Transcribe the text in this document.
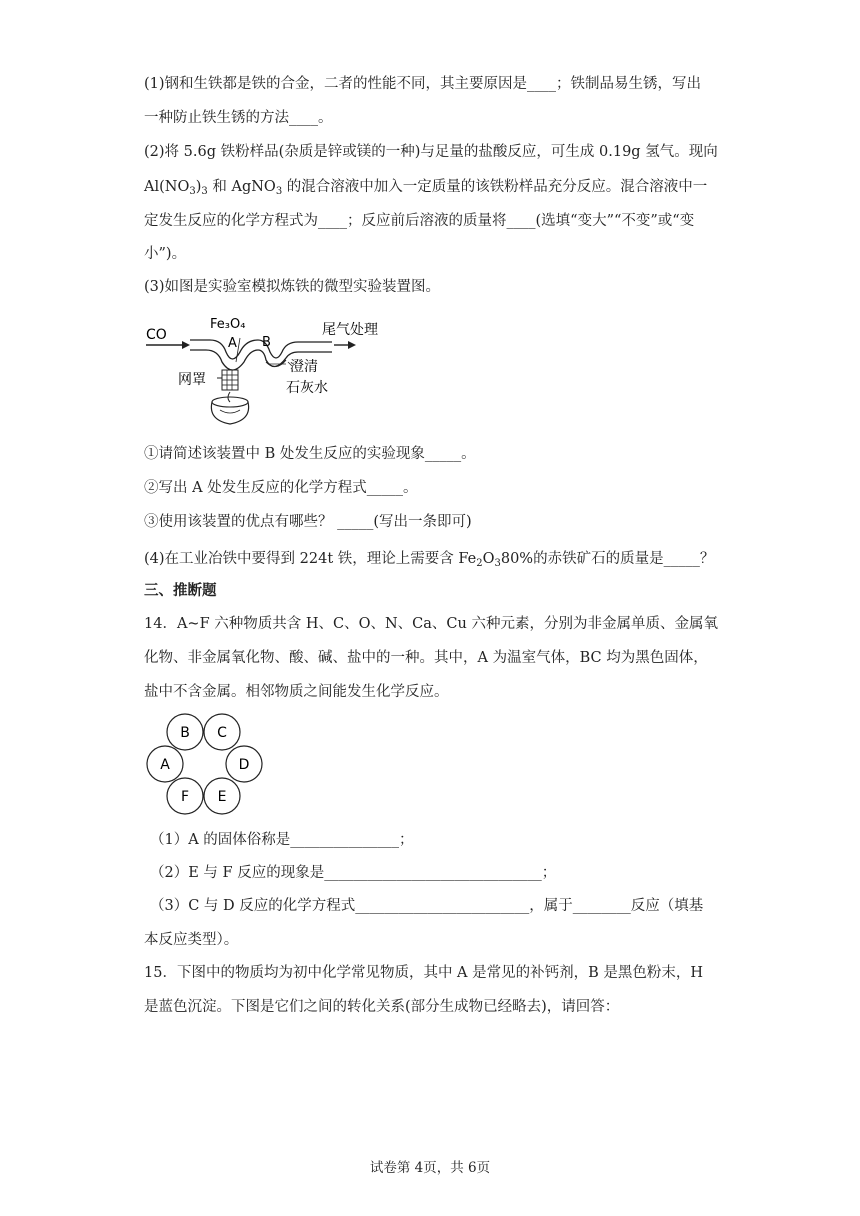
(1)钢和生铁都是铁的合金，二者的性能不同，其主要原因是____；铁制品易生锈，写出
一种防止铁生锈的方法____。
(2)将 5.6g 铁粉样品(杂质是锌或镁的一种)与足量的盐酸反应，可生成 0.19g 氢气。现向
$Al(NO_3)_3$ 和 AgNO$_3$ 的混合溶液中加入一定质量的该铁粉样品充分反应。混合溶液中一
定发生反应的化学方程式为____；反应前后溶液的质量将____(选填“变大”“不变”或“变
小”)。
(3)如图是实验室模拟炼铁的微型实验装置图。
CO
Fe₃O₄
A B
尾气处理
澄清
石灰水
网罩
①请简述该装置中 B 处发生反应的实验现象_____。
②写出 A 处发生反应的化学方程式_____。
③使用该装置的优点有哪些？ _____(写出一条即可)
(4)在工业冶铁中要得到 224t 铁，理论上需要含 $Fe_2O_380\%$的赤铁矿石的质量是_____？
三、推断题
14．A~F 六种物质共含 H、C、O、N、Ca、Cu 六种元素，分别为非金属单质、金属氧
化物、非金属氧化物、酸、碱、盐中的一种。其中，A 为温室气体，BC 均为黑色固体，
盐中不含金属。相邻物质之间能发生化学反应。
B C
A	D
F E
（1）A 的固体俗称是_______________；
（2）E 与 F 反应的现象是______________________________；
（3）C 与 D 反应的化学方程式________________________，属于________反应（填基
本反应类型）。
15．下图中的物质均为初中化学常见物质，其中 A 是常见的补钙剂，B 是黑色粉末，H
是蓝色沉淀。下图是它们之间的转化关系(部分生成物已经略去)，请回答：
试卷第 4页，共 6页
